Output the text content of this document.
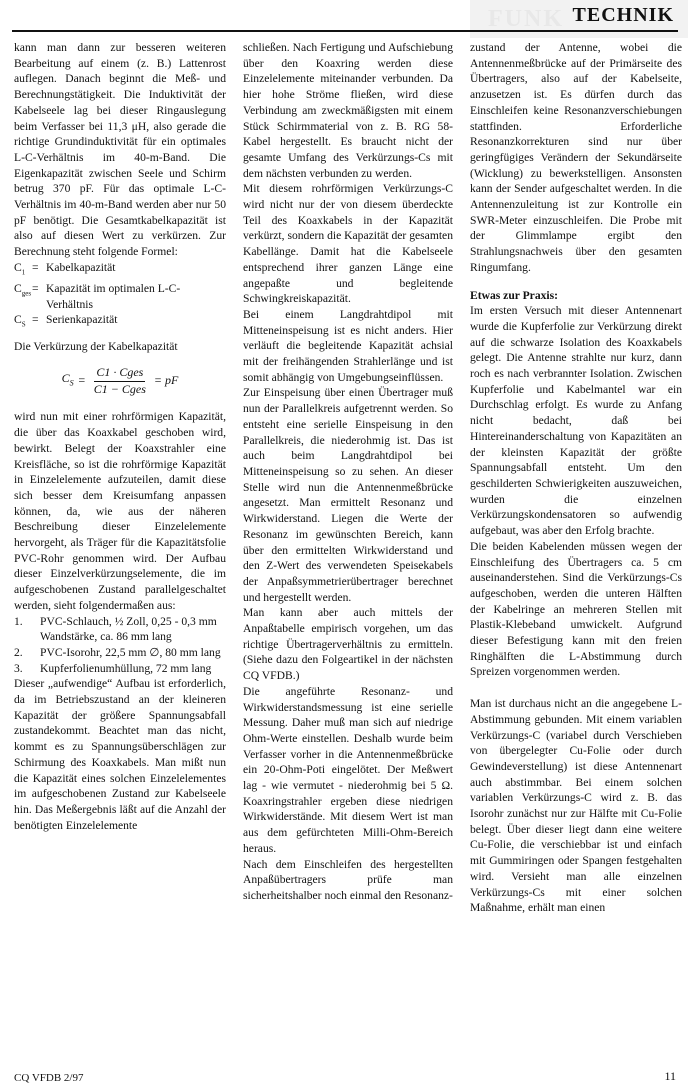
FUNK TECHNIK

kann man dann zur besseren weiteren Bearbeitung auf einem (z. B.) Lattenrost auflegen. Danach beginnt die Meß- und Berechnungstätigkeit. Die Induktivität der Kabelseele lag bei dieser Ringauslegung beim Verfasser bei 11,3 μH, also gerade die richtige Grundinduktivität für ein optimales L-C-Verhältnis im 40-m-Band. Die Eigenkapazität zwischen Seele und Schirm betrug 370 pF. Für das optimale L-C-Verhältnis im 40-m-Band werden aber nur 50 pF benötigt. Die Gesamtkabelkapazität ist also auf diesen Wert zu verkürzen. Zur Berechnung steht folgende Formel:

$C_1$ = Kabelkapazität
$C_{ges}$ = Kapazität im optimalen L-C-Verhältnis
$C_S$ = Serienkapazität

Die Verkürzung der Kabelkapazität

$C_S = \frac{\text{C1 · Cges}}{\text{C1 − Cges}}$ = pF

wird nun mit einer rohrförmigen Kapazität, die über das Koaxkabel geschoben wird, bewirkt. Belegt der Koaxstrahler eine Kreisfläche, so ist die rohrförmige Kapazität in Einzelelemente aufzuteilen, damit diese sich besser dem Kreisumfang anpassen können, da, wie aus der näheren Beschreibung dieser Einzelelemente hervorgeht, als Träger für die Kapazitätsfolie PVC-Rohr genommen wird. Der Aufbau dieser Einzelverkürzungselemente, die im aufgeschobenen Zustand parallelgeschaltet werden, sieht folgendermaßen aus:

1.	PVC-Schlauch, ½ Zoll, 0,25 - 0,3 mm Wandstärke, ca. 86 mm lang
2.	PVC-Isorohr, 22,5 mm ∅, 80 mm lang
3.	Kupferfolienumhüllung, 72 mm lang

Dieser „aufwendige“ Aufbau ist erforderlich, da im Betriebszustand an der kleineren Kapazität der größere Spannungsabfall zustandekommt. Beachtet man das nicht, kommt es zu Spannungsüberschlägen zur Schirmung des Koaxkabels. Man mißt nun die Kapazität eines solchen Einzelelementes im aufgeschobenen Zustand zur Kabelseele hin. Das Meßergebnis läßt auf die Anzahl der benötigten Einzelelemente

schließen. Nach Fertigung und Aufschiebung über den Koaxring werden diese Einzelelemente miteinander verbunden. Da hier hohe Ströme fließen, wird diese Verbindung am zweckmäßigsten mit einem Stück Schirmmaterial von z. B. RG 58-Kabel hergestellt. Es braucht nicht der gesamte Umfang des Verkürzungs-Cs mit dem nächsten verbunden zu werden.

Mit diesem rohrförmigen Verkürzungs-C wird nicht nur der von diesem überdeckte Teil des Koaxkabels in der Kapazität verkürzt, sondern die Kapazität der gesamten Kabellänge. Damit hat die Kabelseele entsprechend ihrer ganzen Länge eine angepaßte und begleitende Schwingkreiskapazität.

Bei einem Langdrahtdipol mit Mitteneinspeisung ist es nicht anders. Hier verläuft die begleitende Kapazität achsial mit der freihängenden Strahlerlänge und ist somit abhängig von Umgebungseinflüssen.

Zur Einspeisung über einen Übertrager muß nun der Parallelkreis aufgetrennt werden. So entsteht eine serielle Einspeisung in den Parallelkreis, die niederohmig ist. Das ist auch beim Langdrahtdipol bei Mitteneinspeisung so zu sehen. An dieser Stelle wird nun die Antennenmeßbrücke angesetzt. Man ermittelt Resonanz und Wirkwiderstand. Liegen die Werte der Resonanz im gewünschten Bereich, kann über den ermittelten Wirkwiderstand und den Z-Wert des verwendeten Speisekabels der Anpaßsymmetrierübertrager berechnet und hergestellt werden.

Man kann aber auch mittels der Anpaßtabelle empirisch vorgehen, um das richtige Übertragerverhältnis zu ermitteln. (Siehe dazu den Folgeartikel in der nächsten CQ VFDB.)

Die angeführte Resonanz- und Wirkwiderstandsmessung ist eine serielle Messung. Daher muß man sich auf niedrige Ohm-Werte einstellen. Deshalb wurde beim Verfasser vorher in die Antennenmeßbrücke ein 20-Ohm-Poti eingelötet. Der Meßwert lag - wie vermutet - niederohmig bei 5 Ω. Koaxringstrahler ergeben diese niedrigen Wirkwiderstände. Mit diesem Wert ist man aus dem gefürchteten Milli-Ohm-Bereich heraus.

Nach dem Einschleifen des hergestellten Anpaßübertragers prüfe man sicherheitshalber noch einmal den Resonanz-

zustand der Antenne, wobei die Antennenmeßbrücke auf der Primärseite des Übertragers, also auf der Kabelseite, anzusetzen ist. Es dürfen durch das Einschleifen keine Resonanzverschiebungen stattfinden. Erforderliche Resonanzkorrekturen sind nur über geringfügiges Verändern der Sekundärseite (Wicklung) zu bewerkstelligen. Ansonsten kann der Sender aufgeschaltet werden. In die Antennenzuleitung ist zur Kontrolle ein SWR-Meter einzuschleifen. Die Probe mit der Glimmlampe ergibt den Strahlungsnachweis über den gesamten Ringumfang.

Etwas zur Praxis:

Im ersten Versuch mit dieser Antennenart wurde die Kupferfolie zur Verkürzung direkt auf die schwarze Isolation des Koaxkabels gelegt. Die Antenne strahlte nur kurz, dann roch es nach verbrannter Isolation. Zwischen Kupferfolie und Kabelmantel war ein Durchschlag erfolgt. Es wurde zu Anfang nicht bedacht, daß bei Hintereinanderschaltung von Kapazitäten an der kleinsten Kapazität der größte Spannungsabfall entsteht. Um den geschilderten Schwierigkeiten auszuweichen, wurden die einzelnen Verkürzungskondensatoren so aufwendig aufgebaut, was aber den Erfolg brachte.

Die beiden Kabelenden müssen wegen der Einschleifung des Übertragers ca. 5 cm auseinanderstehen. Sind die Verkürzungs-Cs aufgeschoben, werden die unteren Hälften der Kabelringe an mehreren Stellen mit Plastik-Klebeband umwickelt. Aufgrund dieser Befestigung kann mit den freien Ringhälften die L-Abstimmung durch Spreizen vorgenommen werden.

Man ist durchaus nicht an die angegebene L-Abstimmung gebunden. Mit einem variablen Verkürzungs-C (variabel durch Verschieben von übergelegter Cu-Folie oder durch Gewindeverstellung) ist diese Antennenart auch abstimmbar. Bei einem solchen variablen Verkürzungs-C wird z. B. das Isorohr zunächst nur zur Hälfte mit Cu-Folie belegt. Über dieser liegt dann eine weitere Cu-Folie, die verschiebbar ist und einfach mit Gummiringen oder Spangen festgehalten wird. Versieht man alle einzelnen Verkürzungs-Cs mit einer solchen Maßnahme, erhält man einen

CQ VFDB 2/97	11
